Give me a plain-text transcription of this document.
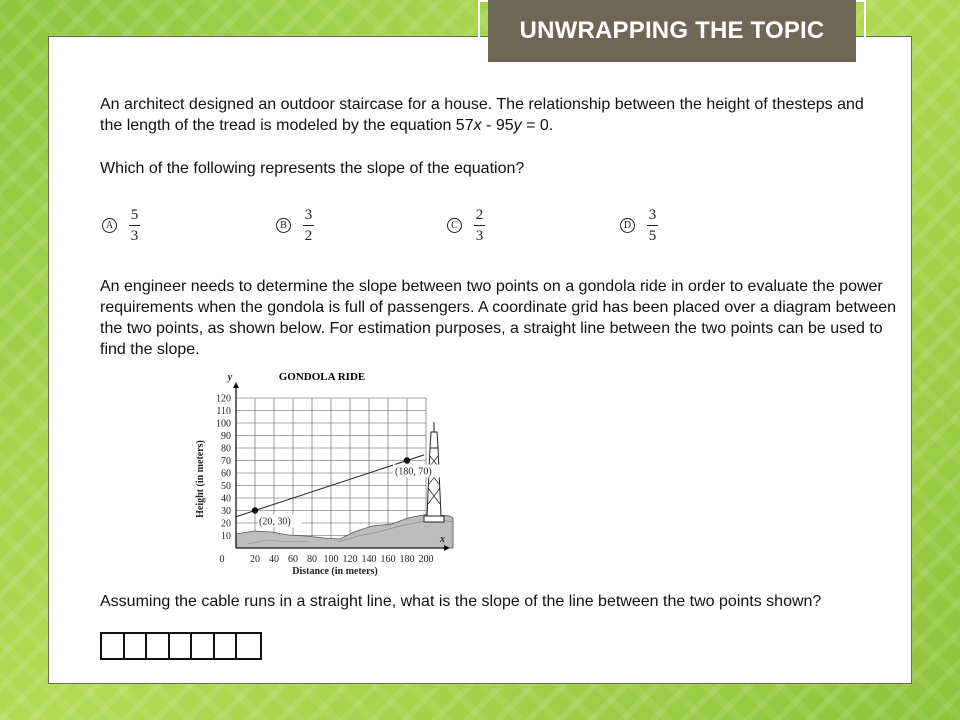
UNWRAPPING THE TOPIC
An architect designed an outdoor staircase for a house. The relationship between the height of thesteps and the length of the tread is modeled by the equation 57x - 95y = 0.
Which of the following represents the slope of the equation?
A $\frac{5}{3}$	B $\frac{3}{2}$	C $\frac{2}{3}$	D $\frac{3}{5}$
An engineer needs to determine the slope between two points on a gondola ride in order to evaluate the power requirements when the gondola is full of passengers. A coordinate grid has been placed over a diagram between the two points, as shown below. For estimation purposes, a straight line between the two points can be used to find the slope.
20 40 60 80 100 120 140 160 180 200
10
20
30
40
50
60
70
80
90
100
110
120
0
x
y	GONDOLA RIDE
Distance (in meters)
Height (in meters)
(20, 30)
(180, 70)
Assuming the cable runs in a straight line, what is the slope of the line between the two points shown?
